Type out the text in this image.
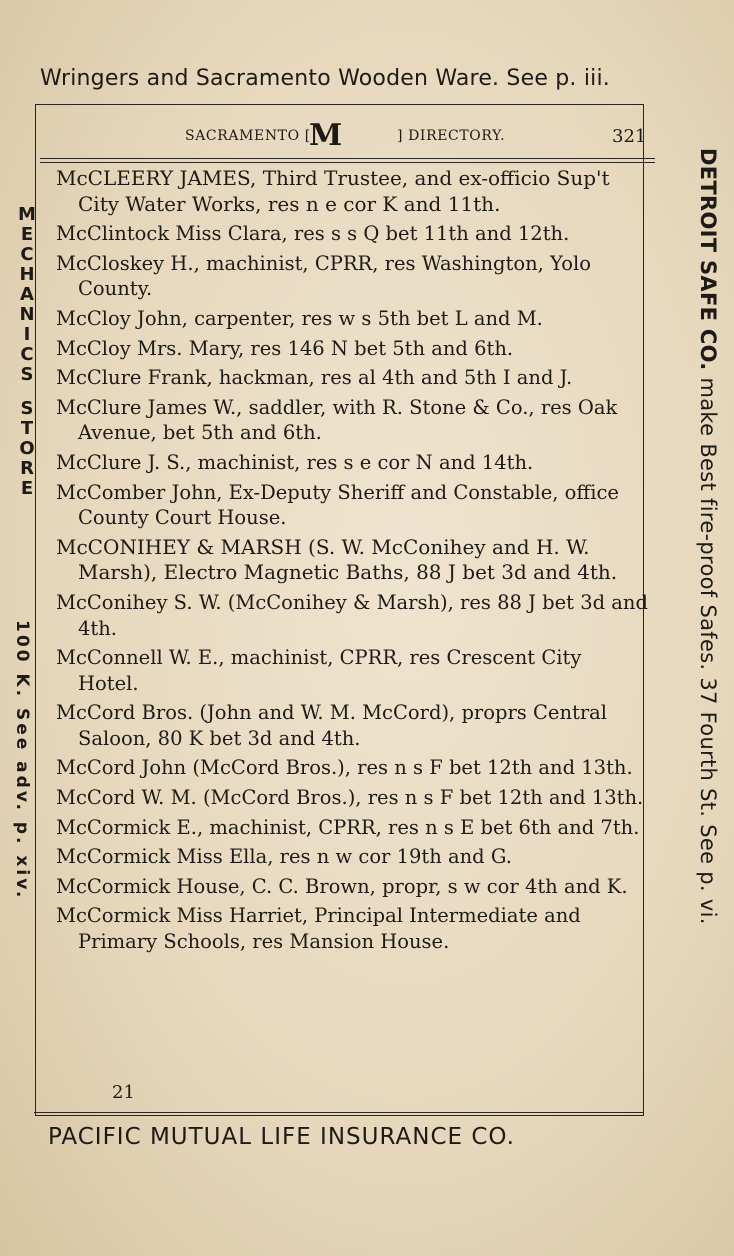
Wringers and Sacramento Wooden Ware. See p. iii.
SACRAMENTO [
M	] DIRECTORY.	321

McCLEERY JAMES, Third Trustee, and ex-officio Sup't City Water Works, res n e cor K and 11th.

McClintock Miss Clara, res s s Q bet 11th and 12th.

McCloskey H., machinist, CPRR, res Washington, Yolo County.

McCloy John, carpenter, res w s 5th bet L and M.

McCloy Mrs. Mary, res 146 N bet 5th and 6th.

McClure Frank, hackman, res al 4th and 5th I and J.

McClure James W., saddler, with R. Stone & Co., res Oak Avenue, bet 5th and 6th.

McClure J. S., machinist, res s e cor N and 14th.

McComber John, Ex-Deputy Sheriff and Constable, office County Court House.

McCONIHEY & MARSH (S. W. McConihey and H. W. Marsh), Electro Magnetic Baths, 88 J bet 3d and 4th.

McConihey S. W. (McConihey & Marsh), res 88 J bet 3d and 4th.

McConnell W. E., machinist, CPRR, res Crescent City Hotel.

McCord Bros. (John and W. M. McCord), proprs Central Saloon, 80 K bet 3d and 4th.

McCord John (McCord Bros.), res n s F bet 12th and 13th.

McCord W. M. (McCord Bros.), res n s F bet 12th and 13th.

McCormick E., machinist, CPRR, res n s E bet 6th and 7th.

McCormick Miss Ella, res n w cor 19th and G.

McCormick House, C. C. Brown, propr, s w cor 4th and K.

McCormick Miss Harriet, Principal Intermediate and Primary Schools, res Mansion House.

21
PACIFIC MUTUAL LIFE INSURANCE CO.
M
E
C
H
A
N
I
C
S
S
T
O
R
E
100 K. See adv. p. xiv.
DETROIT SAFE CO. make Best fire-proof Safes. 37 Fourth St. See p. vi.
